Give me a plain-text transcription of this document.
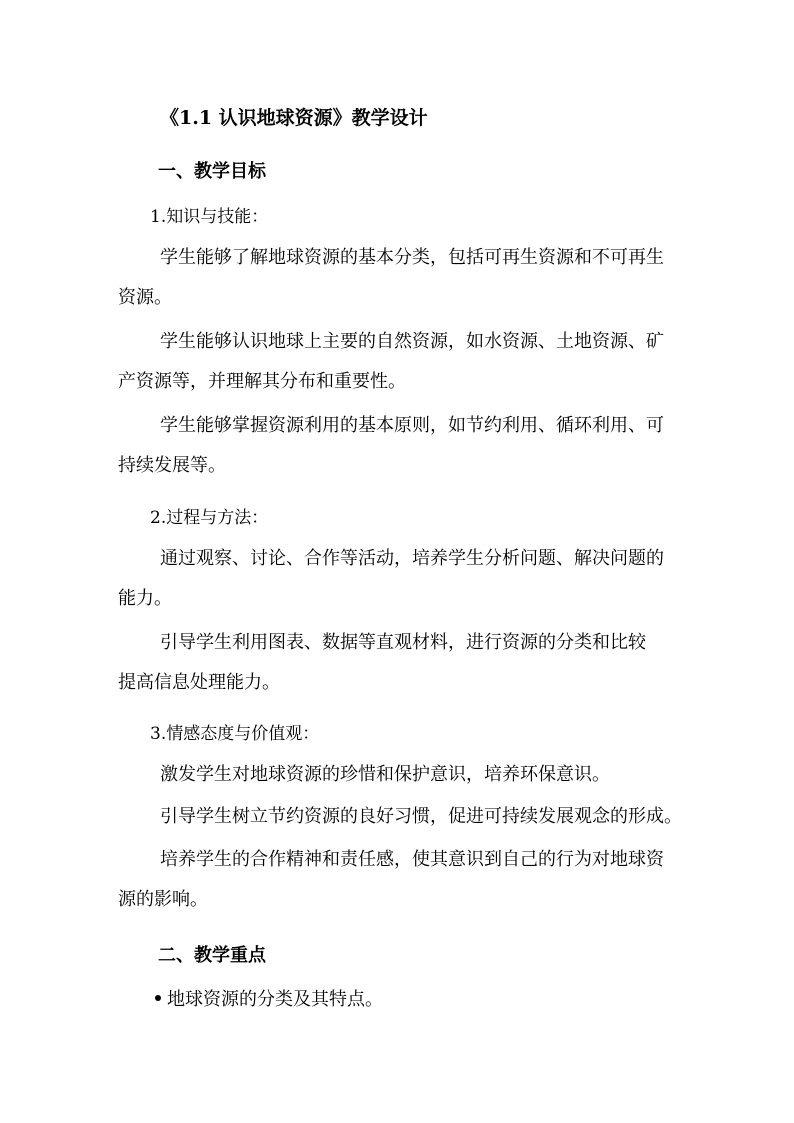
《1.1 认识地球资源》教学设计
一、教学目标
1.知识与技能：
学生能够了解地球资源的基本分类，包括可再生资源和不可再生
资源。
学生能够认识地球上主要的自然资源，如水资源、土地资源、矿
产资源等，并理解其分布和重要性。
学生能够掌握资源利用的基本原则，如节约利用、循环利用、可
持续发展等。
2.过程与方法：
通过观察、讨论、合作等活动，培养学生分析问题、解决问题的
能力。
引导学生利用图表、数据等直观材料，进行资源的分类和比较
提高信息处理能力。
3.情感态度与价值观：
激发学生对地球资源的珍惜和保护意识，培养环保意识。
引导学生树立节约资源的良好习惯，促进可持续发展观念的形成。
培养学生的合作精神和责任感，使其意识到自己的行为对地球资
源的影响。
二、教学重点
地球资源的分类及其特点。
